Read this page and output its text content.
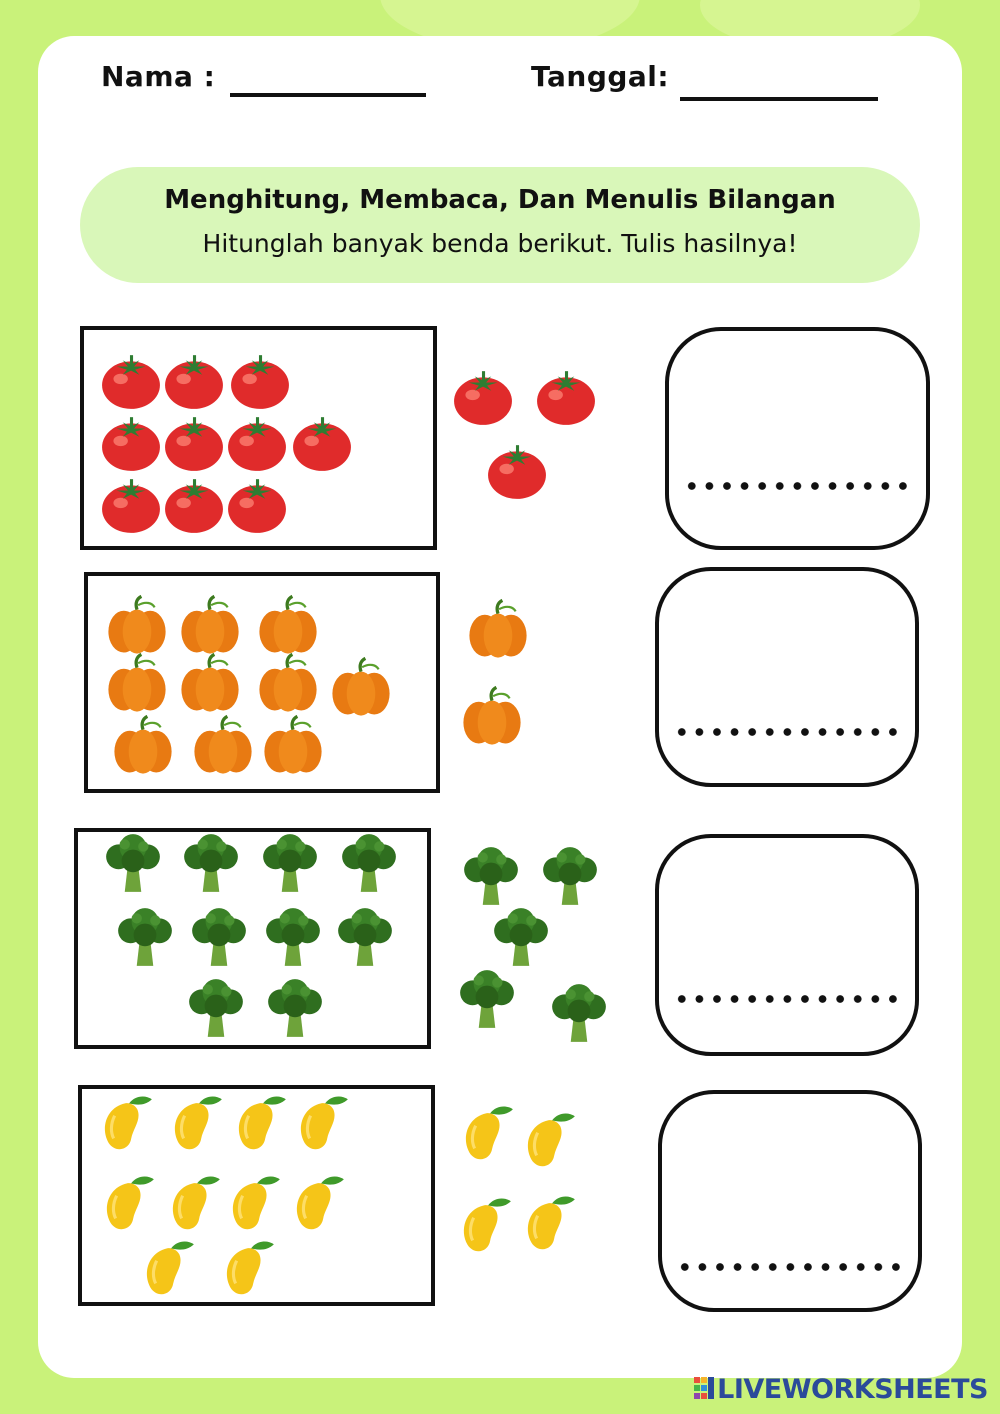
Nama :	Tanggal:
Menghitung, Membaca, Dan Menulis Bilangan
Hitunglah banyak benda berikut. Tulis hasilnya!
LIVEWORKSHEETS
